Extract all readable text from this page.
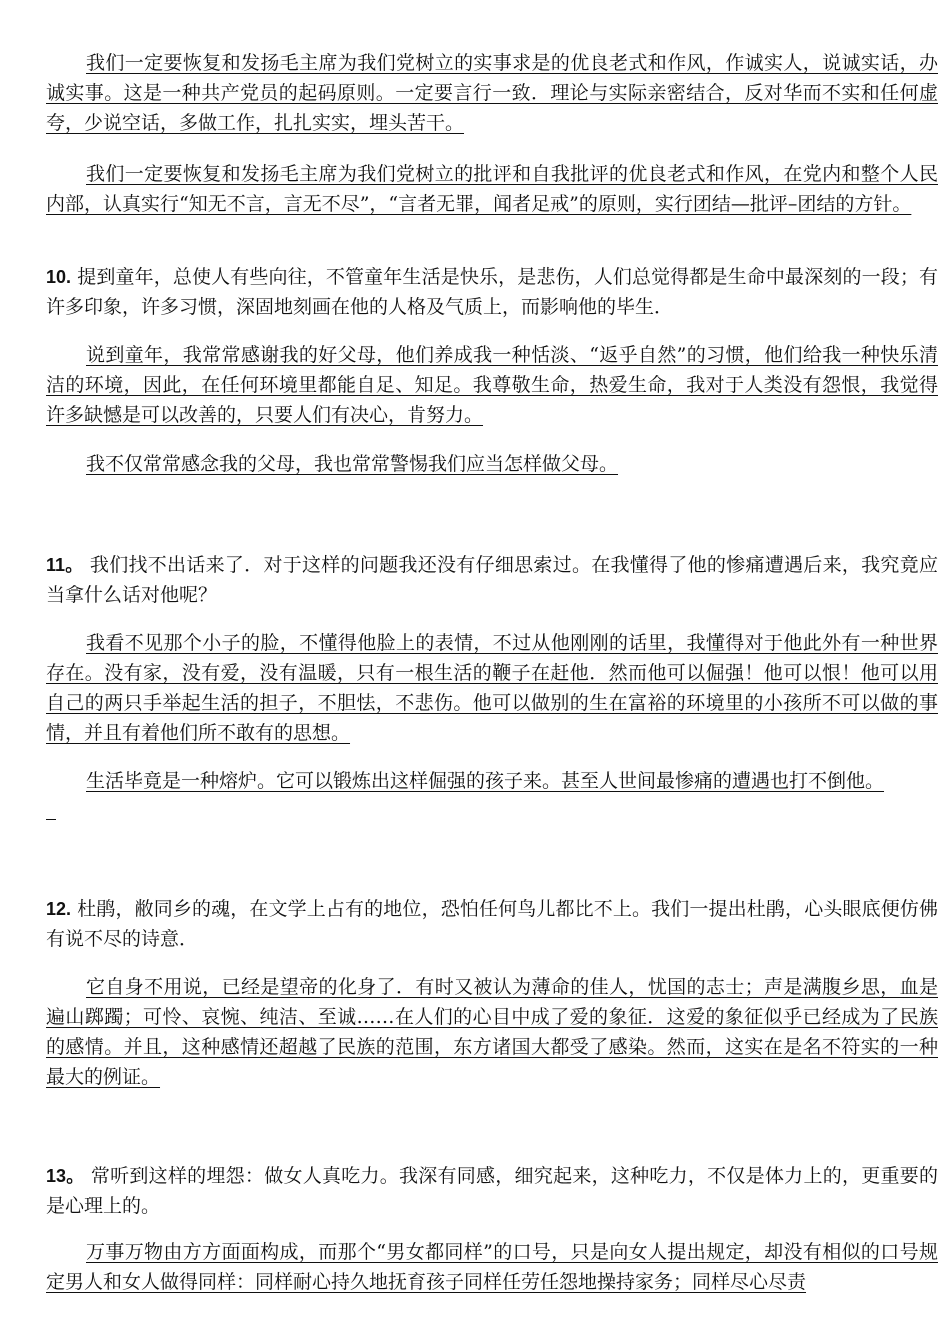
我们一定要恢复和发扬毛主席为我们党树立的实事求是的优良老式和作风，作诚实人，说诚实话，办诚实事。这是一种共产党员的起码原则。一定要言行一致．理论与实际亲密结合，反对华而不实和任何虚夸，少说空话，多做工作，扎扎实实，埋头苦干。

我们一定要恢复和发扬毛主席为我们党树立的批评和自我批评的优良老式和作风，在党内和整个人民内部，认真实行“知无不言，言无不尽”，“言者无罪，闻者足戒”的原则，实行团结—批评–团结的方针。

10. 提到童年，总使人有些向往，不管童年生活是快乐，是悲伤，人们总觉得都是生命中最深刻的一段；有许多印象，许多习惯，深固地刻画在他的人格及气质上，而影响他的毕生．

说到童年，我常常感谢我的好父母，他们养成我一种恬淡、“返乎自然”的习惯，他们给我一种快乐清洁的环境，因此，在任何环境里都能自足、知足。我尊敬生命，热爱生命，我对于人类没有怨恨，我觉得许多缺憾是可以改善的，只要人们有决心，肯努力。

我不仅常常感念我的父母，我也常常警惕我们应当怎样做父母。

11。 我们找不出话来了．对于这样的问题我还没有仔细思索过。在我懂得了他的惨痛遭遇后来，我究竟应当拿什么话对他呢？

我看不见那个小子的脸，不懂得他脸上的表情，不过从他刚刚的话里，我懂得对于他此外有一种世界存在。没有家，没有爱，没有温暖，只有一根生活的鞭子在赶他．然而他可以倔强！他可以恨！他可以用自己的两只手举起生活的担子，不胆怯，不悲伤。他可以做别的生在富裕的环境里的小孩所不可以做的事情，并且有着他们所不敢有的思想。

生活毕竟是一种熔炉。它可以锻炼出这样倔强的孩子来。甚至人世间最惨痛的遭遇也打不倒他。

12. 杜鹃，敝同乡的魂，在文学上占有的地位，恐怕任何鸟儿都比不上。我们一提出杜鹃，心头眼底便仿佛有说不尽的诗意．

它自身不用说，已经是望帝的化身了．有时又被认为薄命的佳人，忧国的志士；声是满腹乡思，血是遍山踯躅；可怜、哀惋、纯洁、至诚……在人们的心目中成了爱的象征．这爱的象征似乎已经成为了民族的感情。并且，这种感情还超越了民族的范围，东方诸国大都受了感染。然而，这实在是名不符实的一种最大的例证。

13。 常听到这样的埋怨：做女人真吃力。我深有同感，细究起来，这种吃力，不仅是体力上的，更重要的是心理上的。

万事万物由方方面面构成，而那个“男女都同样”的口号，只是向女人提出规定，却没有相似的口号规定男人和女人做得同样：同样耐心持久地抚育孩子同样任劳任怨地操持家务；同样尽心尽责
